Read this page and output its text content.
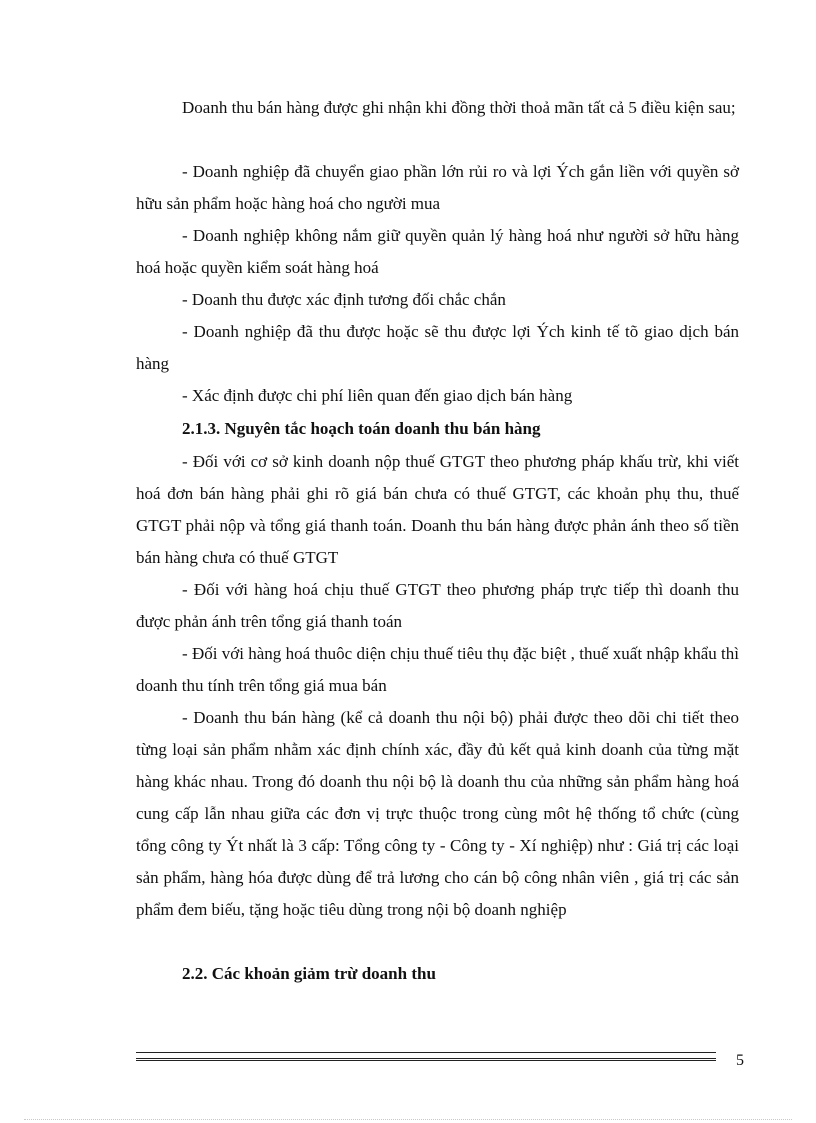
Doanh thu bán hàng được ghi nhận khi đồng thời thoả mãn tất cả 5 điều kiện sau;

- Doanh nghiệp đã chuyển giao phần lớn rủi ro và lợi Ých gắn liền với quyền sở hữu sản phẩm hoặc hàng hoá cho người mua

- Doanh nghiệp không nắm giữ quyền quản lý hàng hoá như người sở hữu hàng hoá hoặc quyền kiểm soát hàng hoá

- Doanh thu được xác định tương đối chắc chắn

- Doanh nghiệp đã thu được hoặc sẽ thu được lợi Ých kinh tế tõ giao dịch bán hàng

- Xác định được chi phí liên quan đến giao dịch bán hàng

2.1.3. Nguyên tắc hoạch toán doanh thu bán hàng

- Đối với cơ sở kinh doanh nộp thuế GTGT theo phương pháp khấu trừ, khi viết hoá đơn bán hàng phải ghi rõ giá bán chưa có thuế GTGT, các khoản phụ thu, thuế GTGT phải nộp và tổng giá thanh toán. Doanh thu bán hàng được phản ánh theo số tiền bán hàng chưa có thuế GTGT

- Đối với hàng hoá chịu thuế GTGT theo phương pháp trực tiếp thì doanh thu được phản ánh trên tổng giá thanh toán

- Đối với hàng hoá thuôc diện chịu thuế tiêu thụ đặc biệt , thuế xuất nhập khẩu thì doanh thu tính trên tổng giá mua bán

- Doanh thu bán hàng (kể cả doanh thu nội bộ) phải được theo dõi chi tiết theo từng loại sản phẩm nhằm xác định chính xác, đầy đủ kết quả kinh doanh của từng mặt hàng khác nhau. Trong đó doanh thu nội bộ là doanh thu của những sản phẩm hàng hoá cung cấp lẫn nhau giữa các đơn vị trực thuộc trong cùng môt hệ thống tổ chức (cùng tổng công ty Ýt nhất là 3 cấp: Tổng công ty - Công ty - Xí nghiệp) như : Giá trị các loại sản phẩm, hàng hóa được dùng để trả lương cho cán bộ công nhân viên , giá trị các sản phẩm đem biếu, tặng hoặc tiêu dùng trong nội bộ doanh nghiệp

2.2. Các khoản giảm trừ doanh thu

5
